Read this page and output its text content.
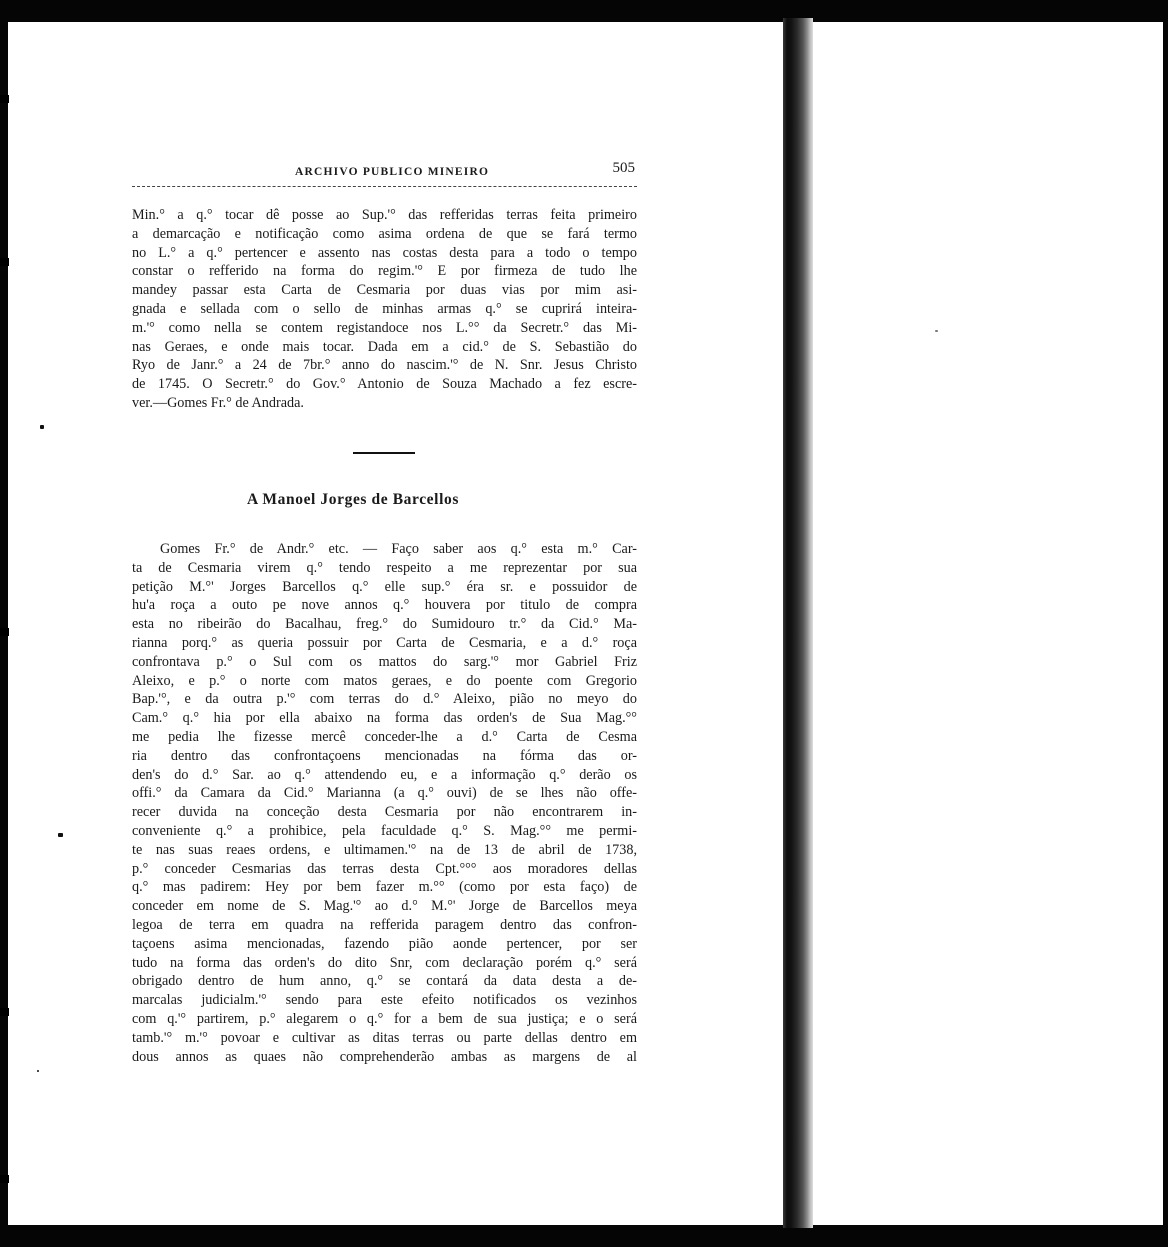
ARCHIVO PUBLICO MINEIRO	505
Min.° a q.° tocar dê posse ao Sup.'° das refferidas terras feita primeiro
a demarcação e notificação como asima ordena de que se fará termo
no L.° a q.° pertencer e assento nas costas desta para a todo o tempo
constar o refferido na forma do regim.'° E por firmeza de tudo lhe
mandey passar esta Carta de Cesmaria por duas vias por mim asi-
gnada e sellada com o sello de minhas armas q.° se cuprirá inteira-
m.'° como nella se contem registandoce nos L.°° da Secretr.° das Mi-
nas Geraes, e onde mais tocar. Dada em a cid.° de S. Sebastião do
Ryo de Janr.° a 24 de 7br.° anno do nascim.'° de N. Snr. Jesus Christo
de 1745. O Secretr.° do Gov.° Antonio de Souza Machado a fez escre-
ver.—Gomes Fr.° de Andrada.
A Manoel Jorges de Barcellos
Gomes Fr.° de Andr.° etc. — Faço saber aos q.° esta m.° Car-
ta de Cesmaria virem q.° tendo respeito a me reprezentar por sua
petição M.°' Jorges Barcellos q.° elle sup.° éra sr. e possuidor de
hu'a roça a outo pe nove annos q.° houvera por titulo de compra
esta no ribeirão do Bacalhau, freg.° do Sumidouro tr.° da Cid.° Ma-
rianna porq.° as queria possuir por Carta de Cesmaria, e a d.° roça
confrontava p.° o Sul com os mattos do sarg.'° mor Gabriel Friz
Aleixo, e p.° o norte com matos geraes, e do poente com Gregorio
Bap.'°, e da outra p.'° com terras do d.° Aleixo, pião no meyo do
Cam.° q.° hia por ella abaixo na forma das orden's de Sua Mag.°°
me pedia lhe fizesse mercê conceder-lhe a d.° Carta de Cesma
ria dentro das confrontaçoens mencionadas na fórma das or-
den's do d.° Sar. ao q.° attendendo eu, e a informação q.° derão os
offi.° da Camara da Cid.° Marianna (a q.° ouvi) de se lhes não offe-
recer duvida na conceção desta Cesmaria por não encontrarem in-
conveniente q.° a prohibice, pela faculdade q.° S. Mag.°° me permi-
te nas suas reaes ordens, e ultimamen.'° na de 13 de abril de 1738,
p.° conceder Cesmarias das terras desta Cpt.°°° aos moradores dellas
q.° mas padirem: Hey por bem fazer m.°° (como por esta faço) de
conceder em nome de S. Mag.'° ao d.° M.°' Jorge de Barcellos meya
legoa de terra em quadra na refferida paragem dentro das confron-
taçoens asima mencionadas, fazendo pião aonde pertencer, por ser
tudo na forma das orden's do dito Snr, com declaração porém q.° será
obrigado dentro de hum anno, q.° se contará da data desta a de-
marcalas judicialm.'° sendo para este efeito notificados os vezinhos
com q.'° partirem, p.° alegarem o q.° for a bem de sua justiça; e o será
tamb.'° m.'° povoar e cultivar as ditas terras ou parte dellas dentro em
dous annos as quaes não comprehenderão ambas as margens de al
